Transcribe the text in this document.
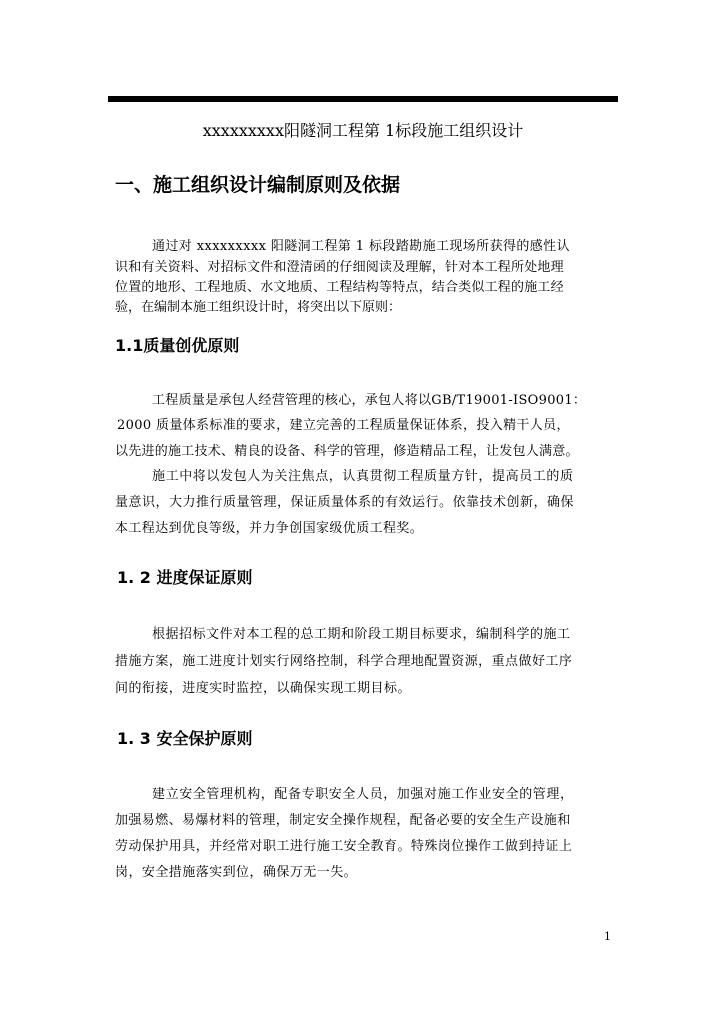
xxxxxxxxx阳隧洞工程第 1标段施工组织设计
一、施工组织设计编制原则及依据
通过对 xxxxxxxxx 阳隧洞工程第 1 标段踏勘施工现场所获得的感性认
识和有关资料、对招标文件和澄清函的仔细阅读及理解，针对本工程所处地理
位置的地形、工程地质、水文地质、工程结构等特点，结合类似工程的施工经
验，在编制本施工组织设计时，将突出以下原则：
1.1质量创优原则
工程质量是承包人经营管理的核心，承包人将以GB/T19001-ISO9001：
2000 质量体系标准的要求，建立完善的工程质量保证体系，投入精干人员，
以先进的施工技术、精良的设备、科学的管理，修造精品工程，让发包人满意。
施工中将以发包人为关注焦点，认真贯彻工程质量方针，提高员工的质
量意识，大力推行质量管理，保证质量体系的有效运行。依靠技术创新，确保
本工程达到优良等级，并力争创国家级优质工程奖。
1. 2 进度保证原则
根据招标文件对本工程的总工期和阶段工期目标要求，编制科学的施工
措施方案，施工进度计划实行网络控制，科学合理地配置资源，重点做好工序
间的衔接，进度实时监控，以确保实现工期目标。
1. 3 安全保护原则
建立安全管理机构，配备专职安全人员，加强对施工作业安全的管理，
加强易燃、易爆材料的管理，制定安全操作规程，配备必要的安全生产设施和
劳动保护用具，并经常对职工进行施工安全教育。特殊岗位操作工做到持证上
岗，安全措施落实到位，确保万无一失。
1
